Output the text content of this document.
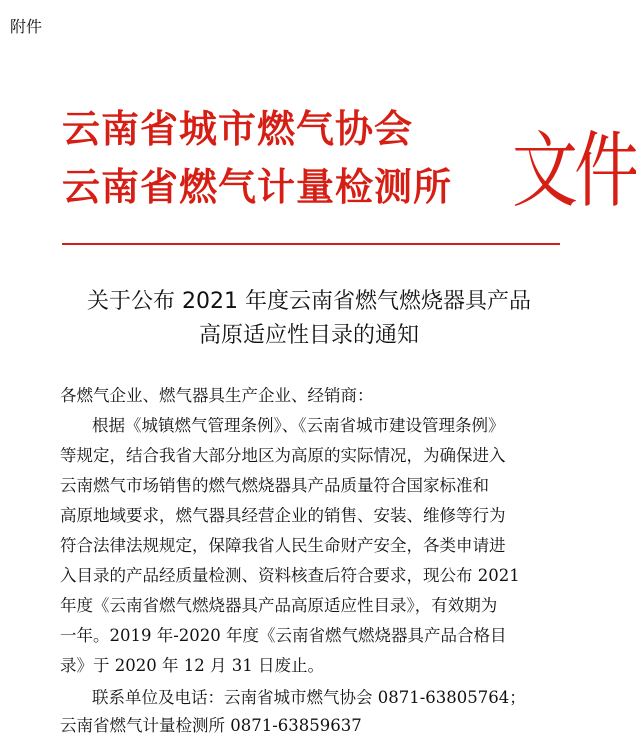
附件
云南省城市燃气协会
云南省燃气计量检测所 文件
关于公布 2021 年度云南省燃气燃烧器具产品
高原适应性目录的通知
各燃气企业、燃气器具生产企业、经销商：
根据《城镇燃气管理条例》、《云南省城市建设管理条例》
等规定，结合我省大部分地区为高原的实际情况，为确保进入
云南燃气市场销售的燃气燃烧器具产品质量符合国家标准和
高原地域要求，燃气器具经营企业的销售、安装、维修等行为
符合法律法规规定，保障我省人民生命财产安全，各类申请进
入目录的产品经质量检测、资料核查后符合要求，现公布 2021
年度《云南省燃气燃烧器具产品高原适应性目录》，有效期为
一年。2019 年-2020 年度《云南省燃气燃烧器具产品合格目
录》于 2020 年 12 月 31 日废止。
联系单位及电话：云南省城市燃气协会 0871-63805764；
云南省燃气计量检测所 0871-63859637
